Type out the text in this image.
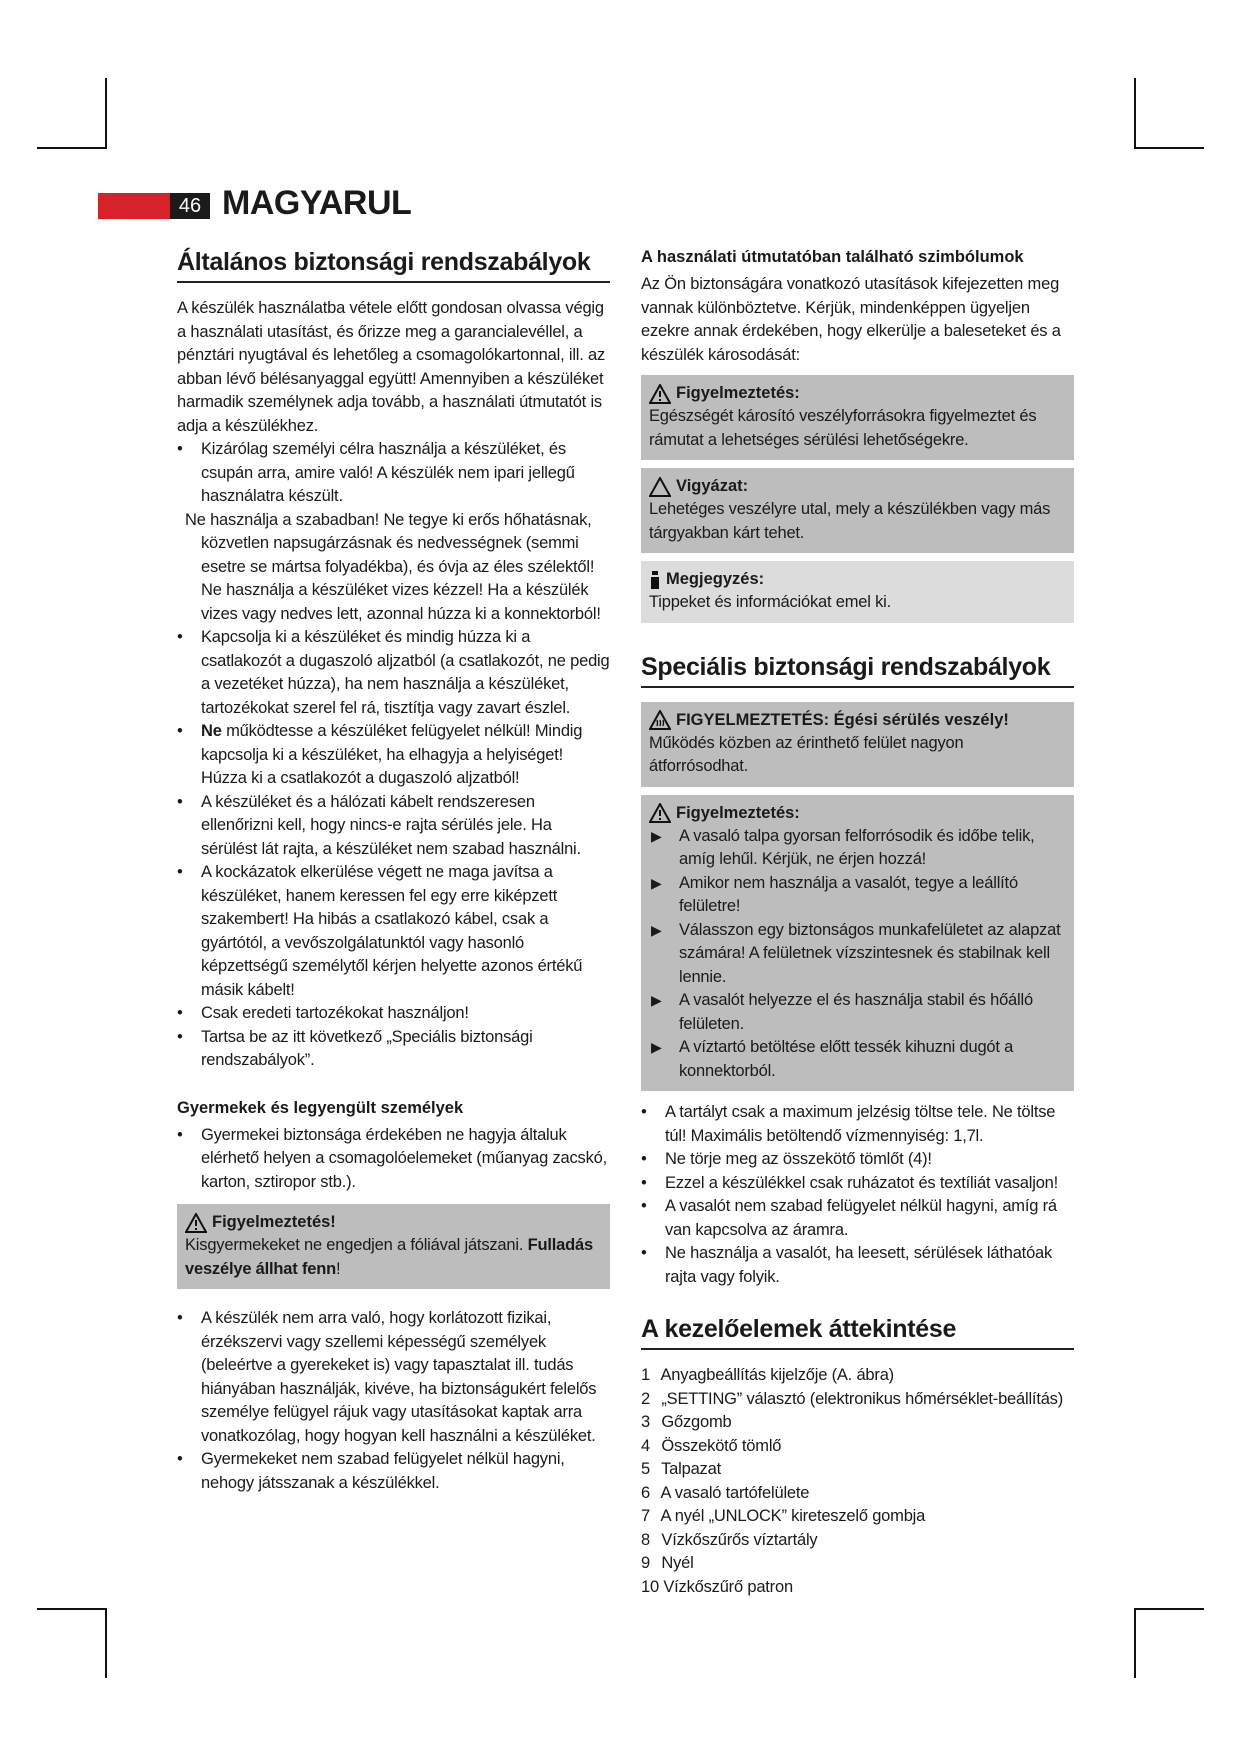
46 MAGYARUL
Általános biztonsági rendszabályok

A készülék használatba vétele előtt gondosan olvassa végig a használati utasítást, és őrizze meg a garancialevéllel, a pénztári nyugtával és lehetőleg a csomagolókartonnal, ill. az abban lévő bélésanyaggal együtt! Amennyiben a készüléket harmadik személynek adja tovább, a használati útmutatót is adja a készülékhez.

• Kizárólag személyi célra használja a készüléket, és csupán arra, amire való! A készülék nem ipari jellegű használatra készült.
Ne használja a szabadban! Ne tegye ki erős hőhatásnak, közvetlen napsugárzásnak és nedvességnek (semmi esetre se mártsa folyadékba), és óvja az éles szélektől! Ne használja a készüléket vizes kézzel! Ha a készülék vizes vagy nedves lett, azonnal húzza ki a konnektorból!
• Kapcsolja ki a készüléket és mindig húzza ki a csatlakozót a dugaszoló aljzatból (a csatlakozót, ne pedig a vezetéket húzza), ha nem használja a készüléket, tartozékokat szerel fel rá, tisztítja vagy zavart észlel.
• Ne működtesse a készüléket felügyelet nélkül! Mindig kapcsolja ki a készüléket, ha elhagyja a helyiséget! Húzza ki a csatlakozót a dugaszoló aljzatból!
• A készüléket és a hálózati kábelt rendszeresen ellenőrizni kell, hogy nincs-e rajta sérülés jele. Ha sérülést lát rajta, a készüléket nem szabad használni.
• A kockázatok elkerülése végett ne maga javítsa a készüléket, hanem keressen fel egy erre kiképzett szakembert! Ha hibás a csatlakozó kábel, csak a gyártótól, a vevőszolgálatunktól vagy hasonló képzettségű személytől kérjen helyette azonos értékű másik kábelt!
• Csak eredeti tartozékokat használjon!
• Tartsa be az itt következő „Speciális biztonsági rendszabályok”.
Gyermekek és legyengült személyek
• Gyermekei biztonsága érdekében ne hagyja általuk elérhető helyen a csomagolóelemeket (műanyag zacskó, karton, sztiropor stb.).
Figyelmeztetés!

Kisgyermekeket ne engedjen a fóliával játszani. Fulladás veszélye állhat fenn!

• A készülék nem arra való, hogy korlátozott fizikai, érzékszervi vagy szellemi képességű személyek (beleértve a gyerekeket is) vagy tapasztalat ill. tudás hiányában használják, kivéve, ha biztonságukért felelős személye felügyel rájuk vagy utasításokat kaptak arra vonatkozólag, hogy hogyan kell használni a készüléket.
• Gyermekeket nem szabad felügyelet nélkül hagyni, nehogy játsszanak a készülékkel.
A használati útmutatóban található szimbólumok

Az Ön biztonságára vonatkozó utasítások kifejezetten meg vannak különböztetve. Kérjük, mindenképpen ügyeljen ezekre annak érdekében, hogy elkerülje a baleseteket és a készülék károsodását:

Figyelmeztetés:

Egészségét károsító veszélyforrásokra figyelmeztet és rámutat a lehetséges sérülési lehetőségekre.

Vigyázat:

Lehetéges veszélyre utal, mely a készülékben vagy más tárgyakban kárt tehet.

Megjegyzés:

Tippeket és információkat emel ki.

Speciális biztonsági rendszabályok
FIGYELMEZTETÉS: Égési sérülés veszély!

Működés közben az érinthető felület nagyon átforrósodhat.

Figyelmeztetés:
▶ A vasaló talpa gyorsan felforrósodik és időbe telik, amíg lehűl. Kérjük, ne érjen hozzá!
▶ Amikor nem használja a vasalót, tegye a leállító felületre!
▶ Válasszon egy biztonságos munkafelületet az alapzat számára! A felületnek vízszintesnek és stabilnak kell lennie.
▶ A vasalót helyezze el és használja stabil és hőálló felületen.
▶ A víztartó betöltése előtt tessék kihuzni dugót a konnektorból.
• A tartályt csak a maximum jelzésig töltse tele. Ne töltse túl! Maximális betöltendő vízmennyiség: 1,7l.
• Ne törje meg az összekötő tömlőt (4)!
• Ezzel a készülékkel csak ruházatot és textíliát vasaljon!
• A vasalót nem szabad felügyelet nélkül hagyni, amíg rá van kapcsolva az áramra.
• Ne használja a vasalót, ha leesett, sérülések láthatóak rajta vagy folyik.
A kezelőelemek áttekintése
1 Anyagbeállítás kijelzője (A. ábra)
2 „SETTING” választó (elektronikus hőmérséklet-beállítás)
3 Gőzgomb
4 Összekötő tömlő
5 Talpazat
6 A vasaló tartófelülete
7 A nyél „UNLOCK” kireteszelő gombja
8 Vízkőszűrős víztartály
9 Nyél
10 Vízkőszűrő patron
